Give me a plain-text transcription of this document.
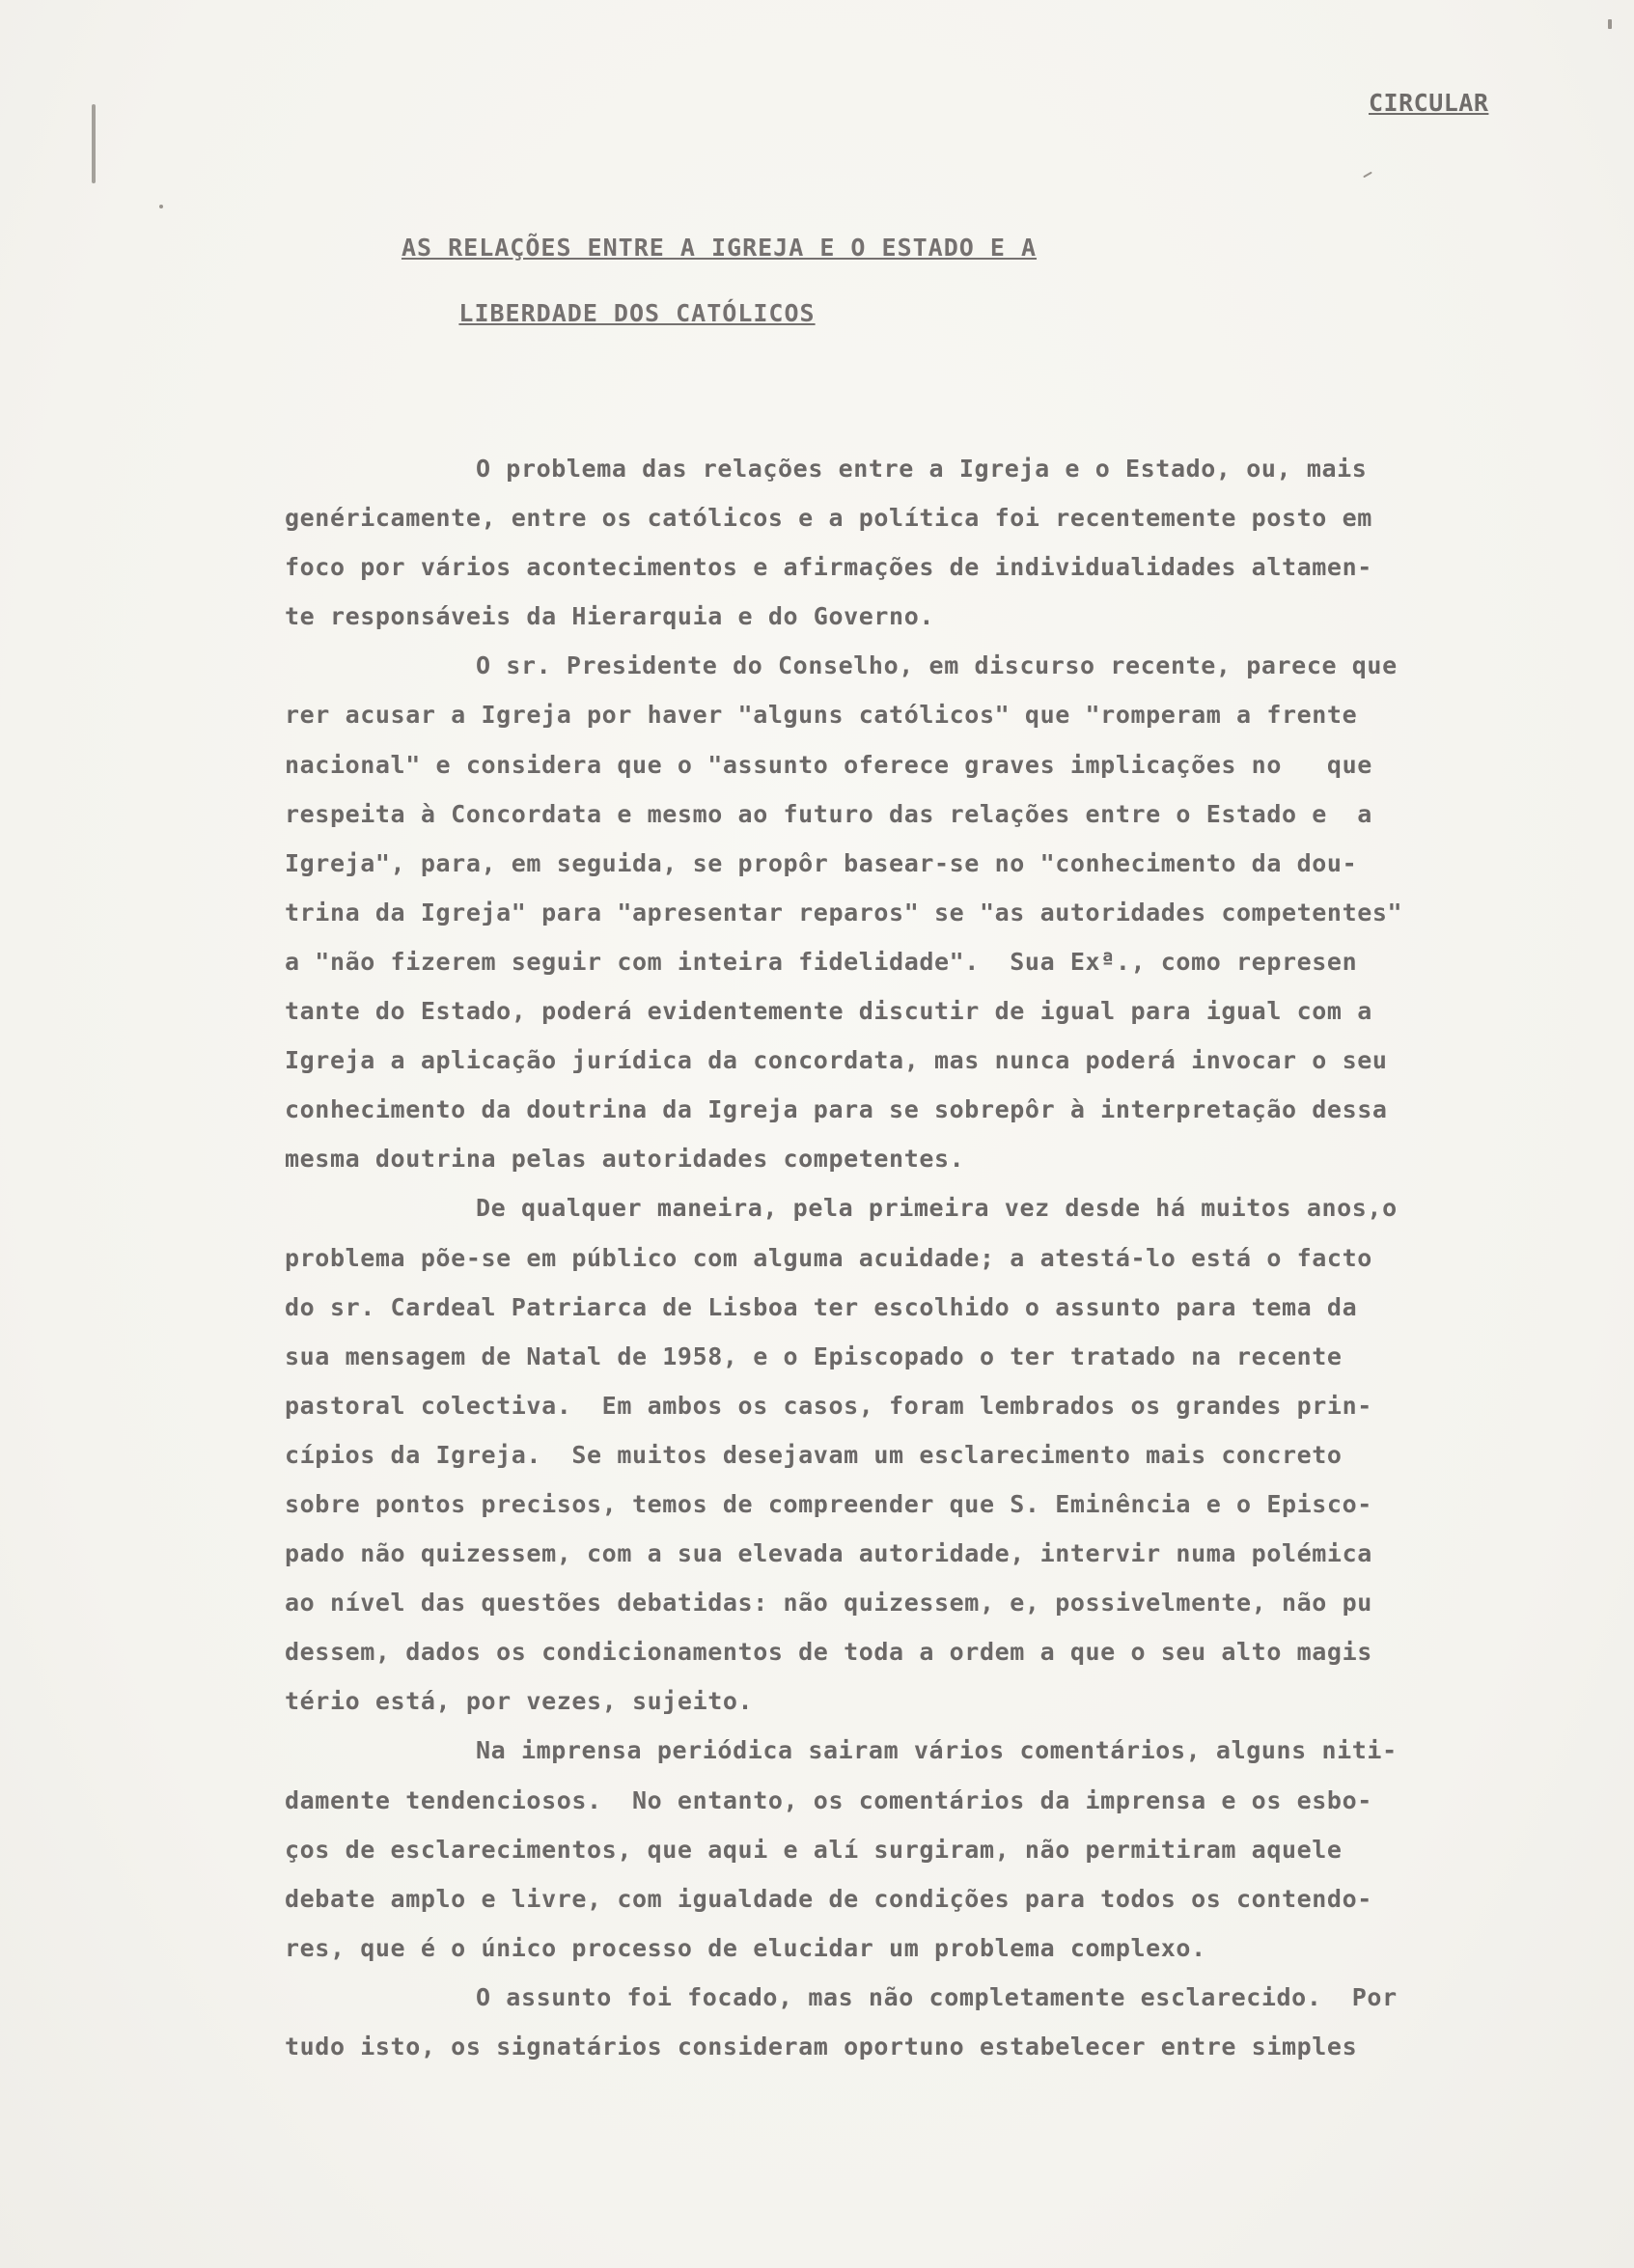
CIRCULAR
AS RELAÇÕES ENTRE A IGREJA E O ESTADO E A
LIBERDADE DOS CATÓLICOS
O problema das relações entre a Igreja e o Estado, ou, mais
genéricamente, entre os católicos e a política foi recentemente posto em
foco por vários acontecimentos e afirmações de individualidades altamen-
te responsáveis da Hierarquia e do Governo.
O sr. Presidente do Conselho, em discurso recente, parece que
rer acusar a Igreja por haver "alguns católicos" que "romperam a frente
nacional" e considera que o "assunto oferece graves implicações no   que
respeita à Concordata e mesmo ao futuro das relações entre o Estado e  a
Igreja", para, em seguida, se propôr basear-se no "conhecimento da dou-
trina da Igreja" para "apresentar reparos" se "as autoridades competentes"
a "não fizerem seguir com inteira fidelidade".  Sua Exª., como represen
tante do Estado, poderá evidentemente discutir de igual para igual com a
Igreja a aplicação jurídica da concordata, mas nunca poderá invocar o seu
conhecimento da doutrina da Igreja para se sobrepôr à interpretação dessa
mesma doutrina pelas autoridades competentes.
De qualquer maneira, pela primeira vez desde há muitos anos,o
problema põe-se em público com alguma acuidade; a atestá-lo está o facto
do sr. Cardeal Patriarca de Lisboa ter escolhido o assunto para tema da
sua mensagem de Natal de 1958, e o Episcopado o ter tratado na recente
pastoral colectiva.  Em ambos os casos, foram lembrados os grandes prin-
cípios da Igreja.  Se muitos desejavam um esclarecimento mais concreto
sobre pontos precisos, temos de compreender que S. Eminência e o Episco-
pado não quizessem, com a sua elevada autoridade, intervir numa polémica
ao nível das questões debatidas: não quizessem, e, possivelmente, não pu
dessem, dados os condicionamentos de toda a ordem a que o seu alto magis
tério está, por vezes, sujeito.
Na imprensa periódica sairam vários comentários, alguns niti-
damente tendenciosos.  No entanto, os comentários da imprensa e os esbo-
ços de esclarecimentos, que aqui e alí surgiram, não permitiram aquele
debate amplo e livre, com igualdade de condições para todos os contendo-
res, que é o único processo de elucidar um problema complexo.
O assunto foi focado, mas não completamente esclarecido.  Por
tudo isto, os signatários consideram oportuno estabelecer entre simples
